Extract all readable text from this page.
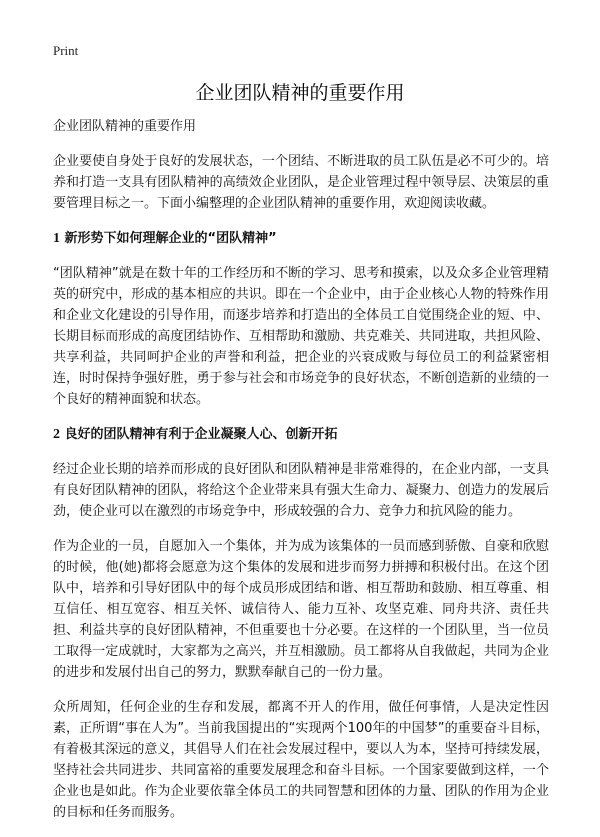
Print
企业团队精神的重要作用
企业团队精神的重要作用

企业要使自身处于良好的发展状态，一个团结、不断进取的员工队伍是必不可少的。培养和打造一支具有团队精神的高绩效企业团队，是企业管理过程中领导层、决策层的重要管理目标之一。下面小编整理的企业团队精神的重要作用，欢迎阅读收藏。

1 新形势下如何理解企业的“团队精神”

“团队精神”就是在数十年的工作经历和不断的学习、思考和摸索，以及众多企业管理精英的研究中，形成的基本相应的共识。即在一个企业中，由于企业核心人物的特殊作用和企业文化建设的引导作用，而逐步培养和打造出的全体员工自觉围绕企业的短、中、长期目标而形成的高度团结协作、互相帮助和激励、共克难关、共同进取，共担风险、共享利益，共同呵护企业的声誉和利益，把企业的兴衰成败与每位员工的利益紧密相连，时时保持争强好胜，勇于参与社会和市场竞争的良好状态，不断创造新的业绩的一个良好的精神面貌和状态。

2 良好的团队精神有利于企业凝聚人心、创新开拓

经过企业长期的培养而形成的良好团队和团队精神是非常难得的，在企业内部，一支具有良好团队精神的团队，将给这个企业带来具有强大生命力、凝聚力、创造力的发展后劲，使企业可以在激烈的市场竞争中，形成较强的合力、竞争力和抗风险的能力。

作为企业的一员，自愿加入一个集体，并为成为该集体的一员而感到骄傲、自豪和欣慰的时候，他(她)都将会愿意为这个集体的发展和进步而努力拼搏和积极付出。在这个团队中，培养和引导好团队中的每个成员形成团结和谐、相互帮助和鼓励、相互尊重、相互信任、相互宽容、相互关怀、诚信待人、能力互补、攻坚克难、同舟共济、责任共担、利益共享的良好团队精神，不但重要也十分必要。在这样的一个团队里，当一位员工取得一定成就时，大家都为之高兴，并互相激励。员工都将从自我做起，共同为企业的进步和发展付出自己的努力，默默奉献自己的一份力量。

众所周知，任何企业的生存和发展，都离不开人的作用，做任何事情，人是决定性因素，正所谓“事在人为”。当前我国提出的“实现两个100年的中国梦”的重要奋斗目标，有着极其深远的意义，其倡导人们在社会发展过程中，要以人为本，坚持可持续发展，坚持社会共同进步、共同富裕的重要发展理念和奋斗目标。一个国家要做到这样，一个企业也是如此。作为企业要依靠全体员工的共同智慧和团体的力量、团队的作用为企业的目标和任务而服务。
